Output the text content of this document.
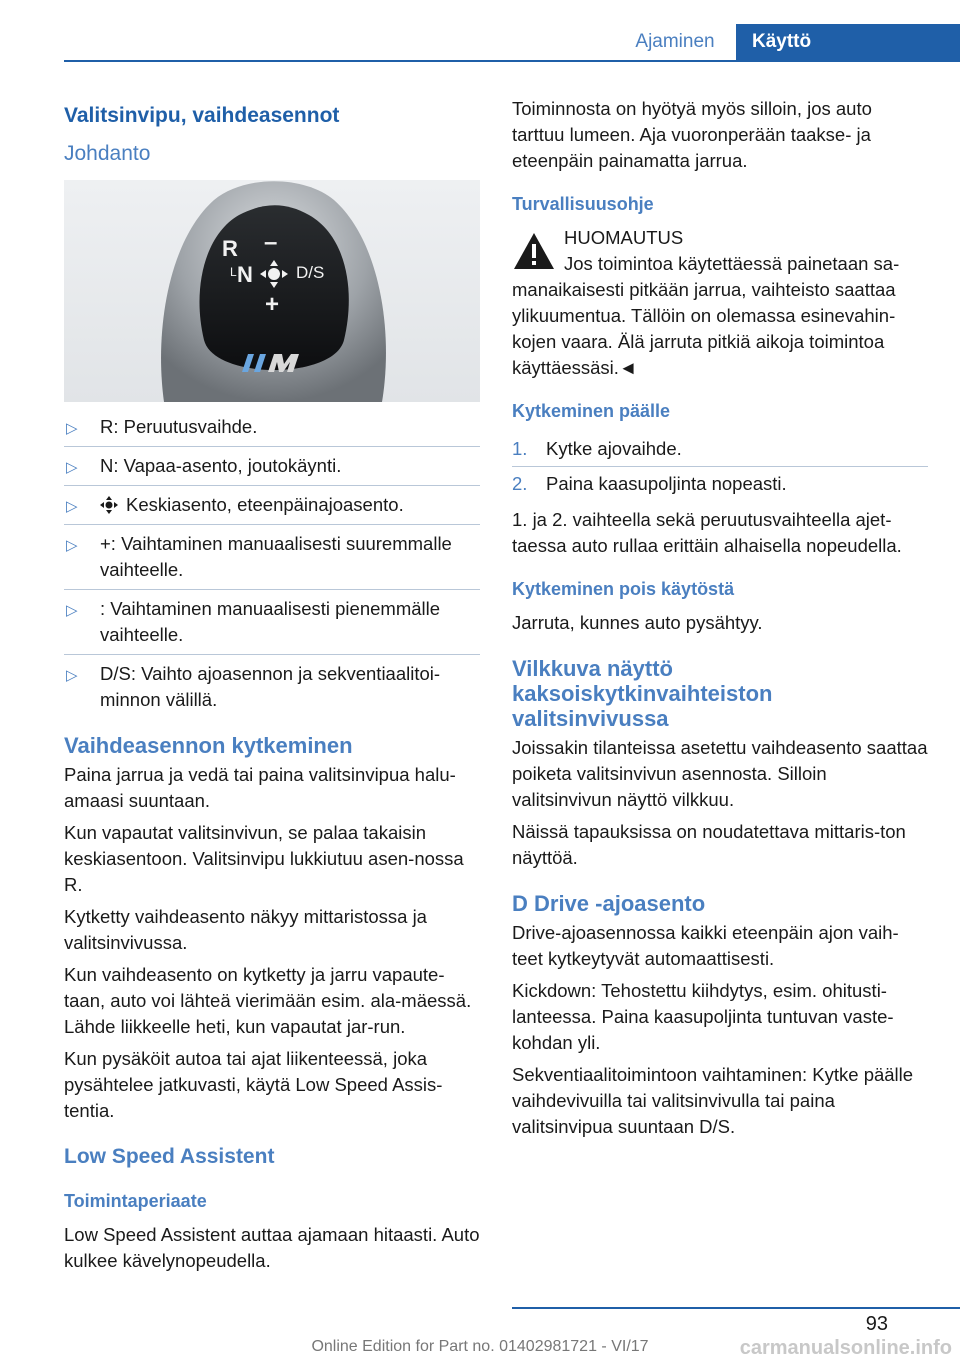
Ajaminen	Käyttö
Valitsinvipu, vaihdeasennot
Johdanto
R –
L N	D/S
+
▷ R: Peruutusvaihde.
▷ N: Vapaa-asento, joutokäynti.
▷	Keskiasento, eteenpäinajoasento.
▷ +: Vaihtaminen manuaalisesti suuremmalle vaihteelle.
▷ : Vaihtaminen manuaalisesti pienemmälle vaihteelle.
▷ D/S: Vaihto ajoasennon ja sekventiaalitoi-minnon välillä.
Vaihdeasennon kytkeminen

Paina jarrua ja vedä tai paina valitsinvipua halu-amaasi suuntaan.

Kun vapautat valitsinvivun, se palaa takaisin keskiasentoon. Valitsinvipu lukkiutuu asen-nossa R.

Kytketty vaihdeasento näkyy mittaristossa ja valitsinvivussa.

Kun vaihdeasento on kytketty ja jarru vapaute-taan, auto voi lähteä vierimään esim. ala-mäessä. Lähde liikkeelle heti, kun vapautat jar-run.

Kun pysäköit autoa tai ajat liikenteessä, joka pysähtelee jatkuvasti, käytä Low Speed Assis-tentia.

Low Speed Assistent
Toimintaperiaate

Low Speed Assistent auttaa ajamaan hitaasti. Auto kulkee kävelynopeudella.

Toiminnosta on hyötyä myös silloin, jos auto tarttuu lumeen. Aja vuoronperään taakse- ja eteenpäin painamatta jarrua.

Turvallisuusohje
HUOMAUTUS
Jos toimintoa käytettäessä painetaan sa-manaikaisesti pitkään jarrua, vaihteisto saattaa ylikuumentua. Tällöin on olemassa esinevahin-kojen vaara. Älä jarruta pitkiä aikoja toimintoa käyttäessäsi.◄
Kytkeminen päälle
1. Kytke ajovaihde.
2. Paina kaasupoljinta nopeasti.

1. ja 2. vaihteella sekä peruutusvaihteella ajet-taessa auto rullaa erittäin alhaisella nopeudella.

Kytkeminen pois käytöstä

Jarruta, kunnes auto pysähtyy.

Vilkkuva näyttö kaksoiskytkinvaihteiston valitsinvivussa

Joissakin tilanteissa asetettu vaihdeasento saattaa poiketa valitsinvivun asennosta. Silloin valitsinvivun näyttö vilkkuu.

Näissä tapauksissa on noudatettava mittaris-ton näyttöä.

D Drive -ajoasento

Drive-ajoasennossa kaikki eteenpäin ajon vaih-teet kytkeytyvät automaattisesti.

Kickdown: Tehostettu kiihdytys, esim. ohitusti-lanteessa. Paina kaasupoljinta tuntuvan vaste-kohdan yli.

Sekventiaalitoimintoon vaihtaminen: Kytke päälle vaihdevivuilla tai valitsinvivulla tai paina valitsinvipua suuntaan D/S.

93
Online Edition for Part no. 01402981721 - VI/17	carmanualsonline.info
